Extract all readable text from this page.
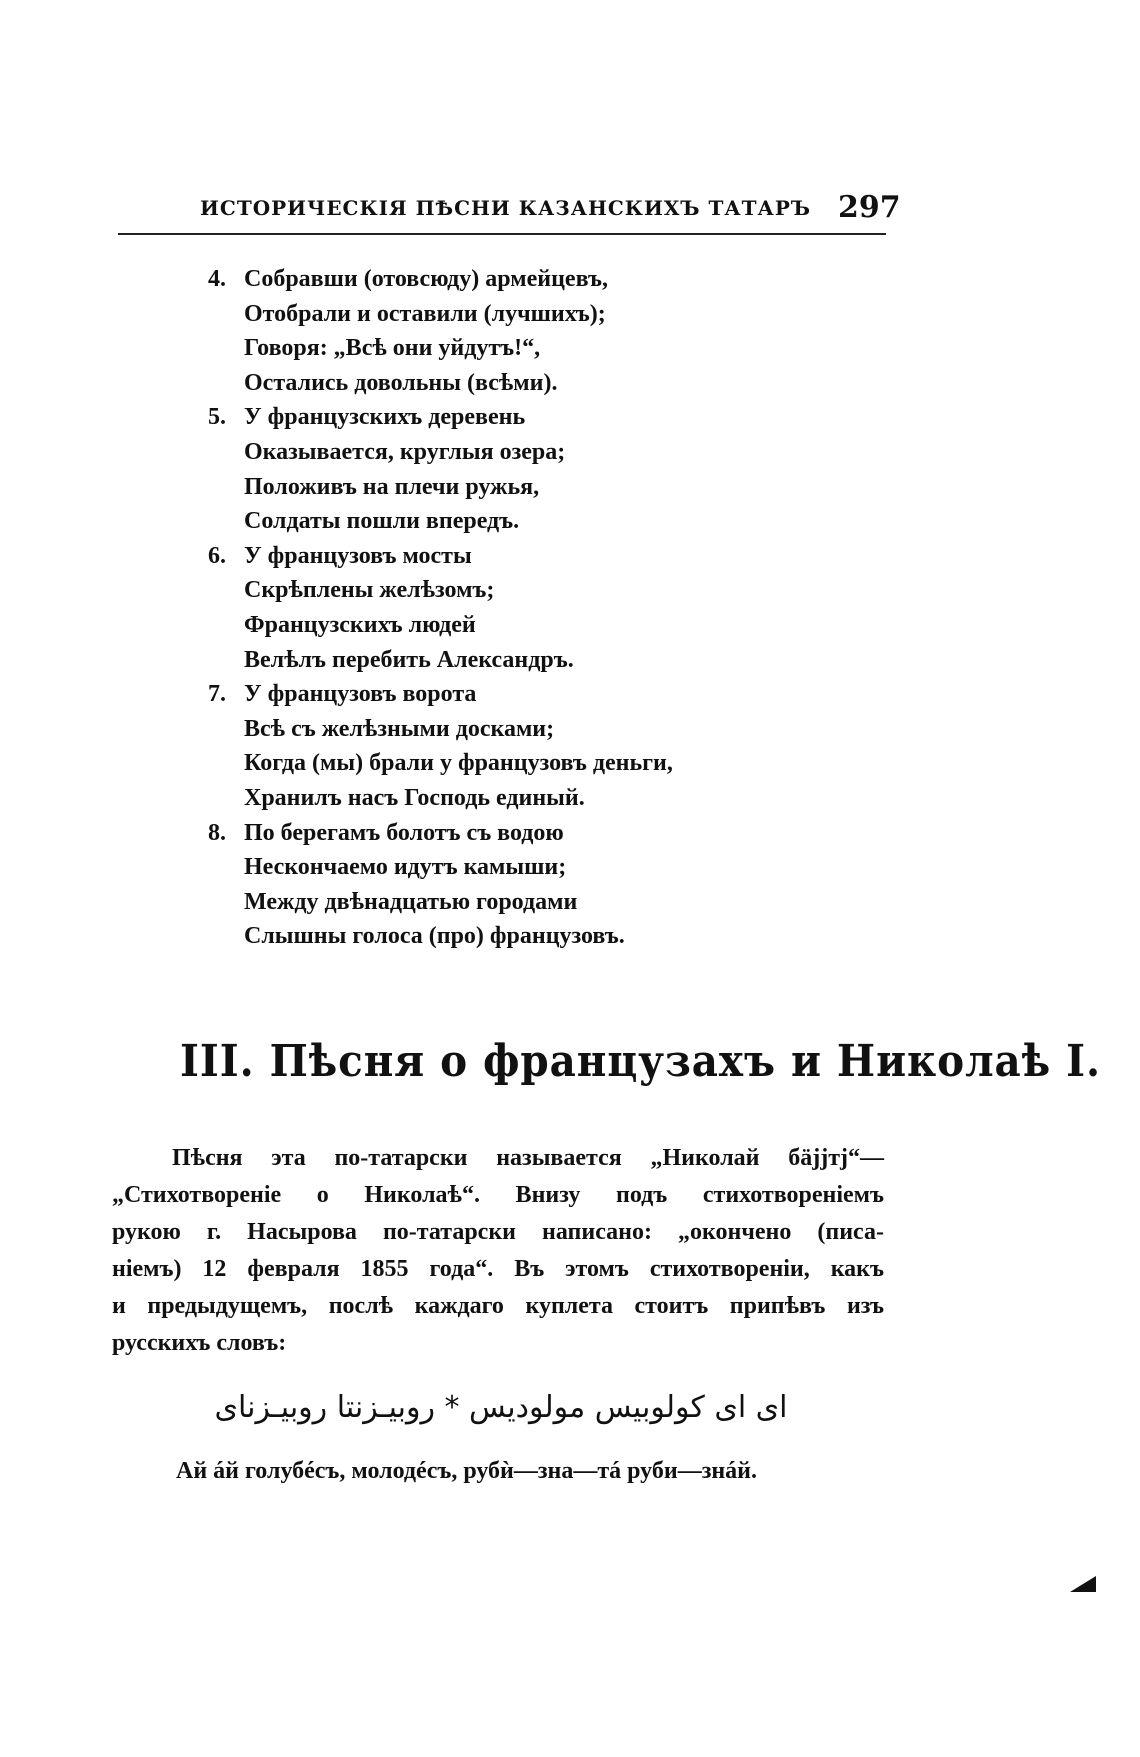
ИСТОРИЧЕСКІЯ ПѢСНИ КАЗАНСКИХЪ ТАТАРЪ 297
4. Собравши (отовсюду) армейцевъ,
Отобрали и оставили (лучшихъ);
Говоря: „Всѣ они уйдутъ!“,
Остались довольны (всѣми).
5. У французскихъ деревень
Оказывается, круглыя озера;
Положивъ на плечи ружья,
Солдаты пошли впередъ.
6. У французовъ мосты
Скрѣплены желѣзомъ;
Французскихъ людей
Велѣлъ перебить Александръ.
7. У французовъ ворота
Всѣ съ желѣзными досками;
Когда (мы) брали у французовъ деньги,
Хранилъ насъ Господь единый.
8. По берегамъ болотъ съ водою
Нескончаемо идутъ камыши;
Между двѣнадцатью городами
Слышны голоса (про) французовъ.
III. Пѣсня о французахъ и Николаѣ I.
Пѣсня эта по-татарски называется „Николай бäjjтj“—
„Стихотвореніе о Николаѣ“. Внизу подъ стихотвореніемъ
рукою г. Насырова по-татарски написано: „окончено (писа-
ніемъ) 12 февраля 1855 года“. Въ этомъ стихотвореніи, какъ
и предыдущемъ, послѣ каждаго куплета стоитъ припѣвъ изъ
русскихъ словъ:
اى اى كولوبيس مولوديس * روبيـزنتا روبيـزناى
Ай áй голубéсъ, молодéсъ, рубѝ—зна—тá руби—знáй.
